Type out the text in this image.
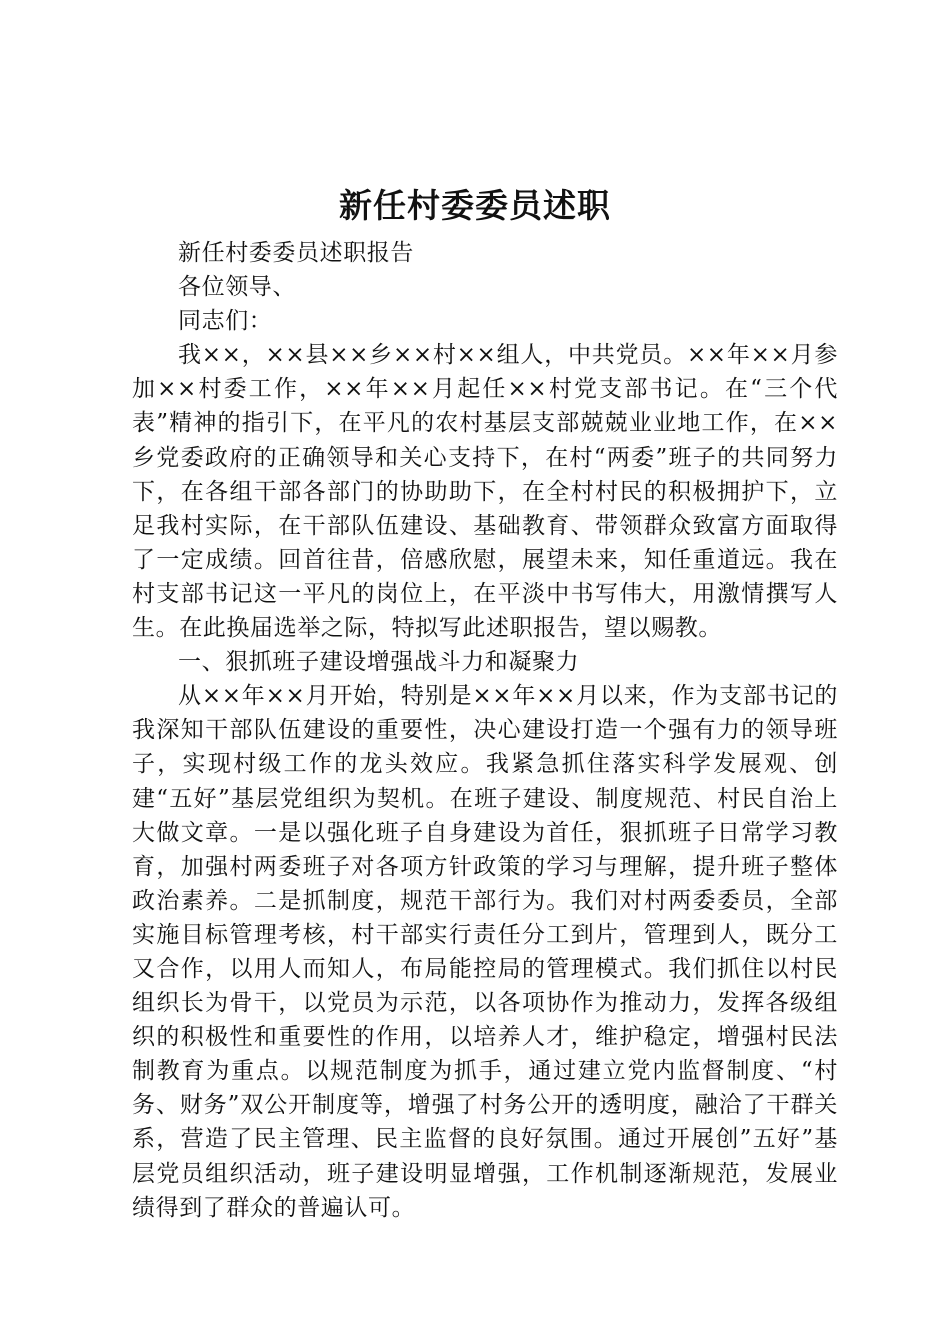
新任村委委员述职

新任村委委员述职报告

各位领导、

同志们：

我××，××县××乡××村××组人，中共党员。××年××月参加××村委工作，××年××月起任××村党支部书记。在“三个代表”精神的指引下，在平凡的农村基层支部兢兢业业地工作，在××乡党委政府的正确领导和关心支持下，在村“两委”班子的共同努力下，在各组干部各部门的协助助下，在全村村民的积极拥护下，立足我村实际，在干部队伍建设、基础教育、带领群众致富方面取得了一定成绩。回首往昔，倍感欣慰，展望未来，知任重道远。我在村支部书记这一平凡的岗位上，在平淡中书写伟大，用激情撰写人生。在此换届选举之际，特拟写此述职报告，望以赐教。

一、狠抓班子建设增强战斗力和凝聚力

从××年××月开始，特别是××年××月以来，作为支部书记的我深知干部队伍建设的重要性，决心建设打造一个强有力的领导班子，实现村级工作的龙头效应。我紧急抓住落实科学发展观、创建“五好”基层党组织为契机。在班子建设、制度规范、村民自治上大做文章。一是以强化班子自身建设为首任，狠抓班子日常学习教育，加强村两委班子对各项方针政策的学习与理解，提升班子整体政治素养。二是抓制度，规范干部行为。我们对村两委委员，全部实施目标管理考核，村干部实行责任分工到片，管理到人，既分工又合作，以用人而知人，布局能控局的管理模式。我们抓住以村民组织长为骨干，以党员为示范，以各项协作为推动力，发挥各级组织的积极性和重要性的作用，以培养人才，维护稳定，增强村民法制教育为重点。以规范制度为抓手，通过建立党内监督制度、“村务、财务”双公开制度等，增强了村务公开的透明度，融洽了干群关系，营造了民主管理、民主监督的良好氛围。通过开展创”五好”基层党员组织活动，班子建设明显增强，工作机制逐渐规范，发展业绩得到了群众的普遍认可。
